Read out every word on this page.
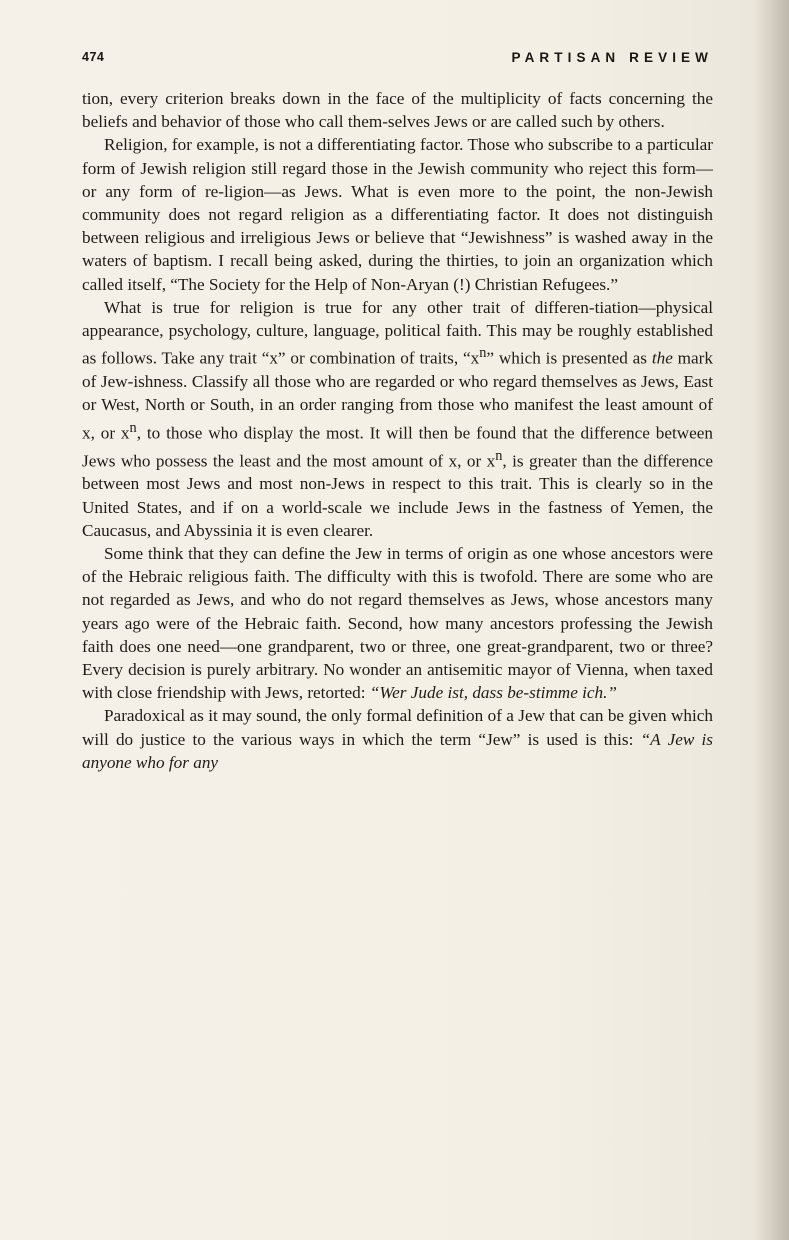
474	PARTISAN REVIEW

tion, every criterion breaks down in the face of the multiplicity of facts concerning the beliefs and behavior of those who call them-selves Jews or are called such by others.

Religion, for example, is not a differentiating factor. Those who subscribe to a particular form of Jewish religion still regard those in the Jewish community who reject this form—or any form of re-ligion—as Jews. What is even more to the point, the non-Jewish community does not regard religion as a differentiating factor. It does not distinguish between religious and irreligious Jews or believe that “Jewishness” is washed away in the waters of baptism. I recall being asked, during the thirties, to join an organization which called itself, “The Society for the Help of Non-Aryan (!) Christian Refugees.”

What is true for religion is true for any other trait of differen-tiation—physical appearance, psychology, culture, language, political faith. This may be roughly established as follows. Take any trait “x” or combination of traits, “$x^n$” which is presented as the mark of Jew-ishness. Classify all those who are regarded or who regard themselves as Jews, East or West, North or South, in an order ranging from those who manifest the least amount of x, or $x^n$, to those who display the most. It will then be found that the difference between Jews who possess the least and the most amount of x, or $x^n$, is greater than the difference between most Jews and most non-Jews in respect to this trait. This is clearly so in the United States, and if on a world-scale we include Jews in the fastness of Yemen, the Caucasus, and Abyssinia it is even clearer.

Some think that they can define the Jew in terms of origin as one whose ancestors were of the Hebraic religious faith. The difficulty with this is twofold. There are some who are not regarded as Jews, and who do not regard themselves as Jews, whose ancestors many years ago were of the Hebraic faith. Second, how many ancestors professing the Jewish faith does one need—one grandparent, two or three, one great-grandparent, two or three? Every decision is purely arbitrary. No wonder an antisemitic mayor of Vienna, when taxed with close friendship with Jews, retorted: “Wer Jude ist, dass be-stimme ich.”

Paradoxical as it may sound, the only formal definition of a Jew that can be given which will do justice to the various ways in which the term “Jew” is used is this: “A Jew is anyone who for any
